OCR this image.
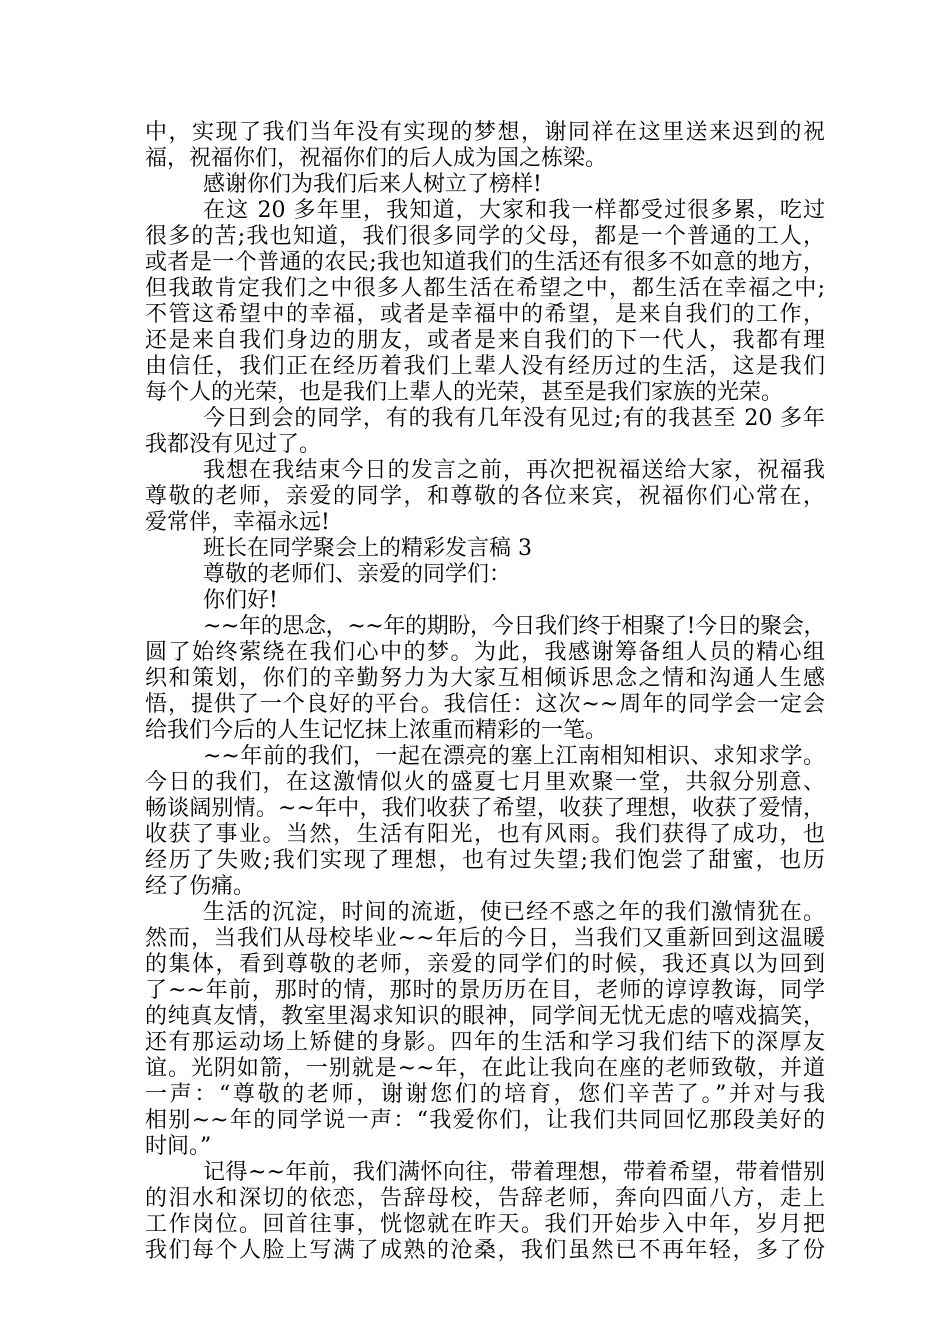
中，实现了我们当年没有实现的梦想，谢同祥在这里送来迟到的祝
福，祝福你们，祝福你们的后人成为国之栋梁。
感谢你们为我们后来人树立了榜样!
在这 20 多年里，我知道，大家和我一样都受过很多累，吃过
很多的苦;我也知道，我们很多同学的父母，都是一个普通的工人，
或者是一个普通的农民;我也知道我们的生活还有很多不如意的地方，
但我敢肯定我们之中很多人都生活在希望之中，都生活在幸福之中;
不管这希望中的幸福，或者是幸福中的希望，是来自我们的工作，
还是来自我们身边的朋友，或者是来自我们的下一代人，我都有理
由信任，我们正在经历着我们上辈人没有经历过的生活，这是我们
每个人的光荣，也是我们上辈人的光荣，甚至是我们家族的光荣。
今日到会的同学，有的我有几年没有见过;有的我甚至 20 多年
我都没有见过了。
我想在我结束今日的发言之前，再次把祝福送给大家，祝福我
尊敬的老师，亲爱的同学，和尊敬的各位来宾，祝福你们心常在，
爱常伴，幸福永远!
班长在同学聚会上的精彩发言稿 3
尊敬的老师们、亲爱的同学们：
你们好!
~~年的思念，~~年的期盼，今日我们终于相聚了!今日的聚会，
圆了始终萦绕在我们心中的梦。为此，我感谢筹备组人员的精心组
织和策划，你们的辛勤努力为大家互相倾诉思念之情和沟通人生感
悟，提供了一个良好的平台。我信任：这次~~周年的同学会一定会
给我们今后的人生记忆抹上浓重而精彩的一笔。
~~年前的我们，一起在漂亮的塞上江南相知相识、求知求学。
今日的我们，在这激情似火的盛夏七月里欢聚一堂，共叙分别意、
畅谈阔别情。~~年中，我们收获了希望，收获了理想，收获了爱情，
收获了事业。当然，生活有阳光，也有风雨。我们获得了成功，也
经历了失败;我们实现了理想，也有过失望;我们饱尝了甜蜜，也历
经了伤痛。
生活的沉淀，时间的流逝，使已经不惑之年的我们激情犹在。
然而，当我们从母校毕业~~年后的今日，当我们又重新回到这温暖
的集体，看到尊敬的老师，亲爱的同学们的时候，我还真以为回到
了~~年前，那时的情，那时的景历历在目，老师的谆谆教诲，同学
的纯真友情，教室里渴求知识的眼神，同学间无忧无虑的嘻戏搞笑，
还有那运动场上矫健的身影。四年的生活和学习我们结下的深厚友
谊。光阴如箭，一别就是~~年，在此让我向在座的老师致敬，并道
一声：“尊敬的老师，谢谢您们的培育，您们辛苦了。”并对与我
相别~~年的同学说一声：“我爱你们，让我们共同回忆那段美好的
时间。”
记得~~年前，我们满怀向往，带着理想，带着希望，带着惜别
的泪水和深切的依恋，告辞母校，告辞老师，奔向四面八方，走上
工作岗位。回首往事，恍惚就在昨天。我们开始步入中年，岁月把
我们每个人脸上写满了成熟的沧桑，我们虽然已不再年轻，多了份
